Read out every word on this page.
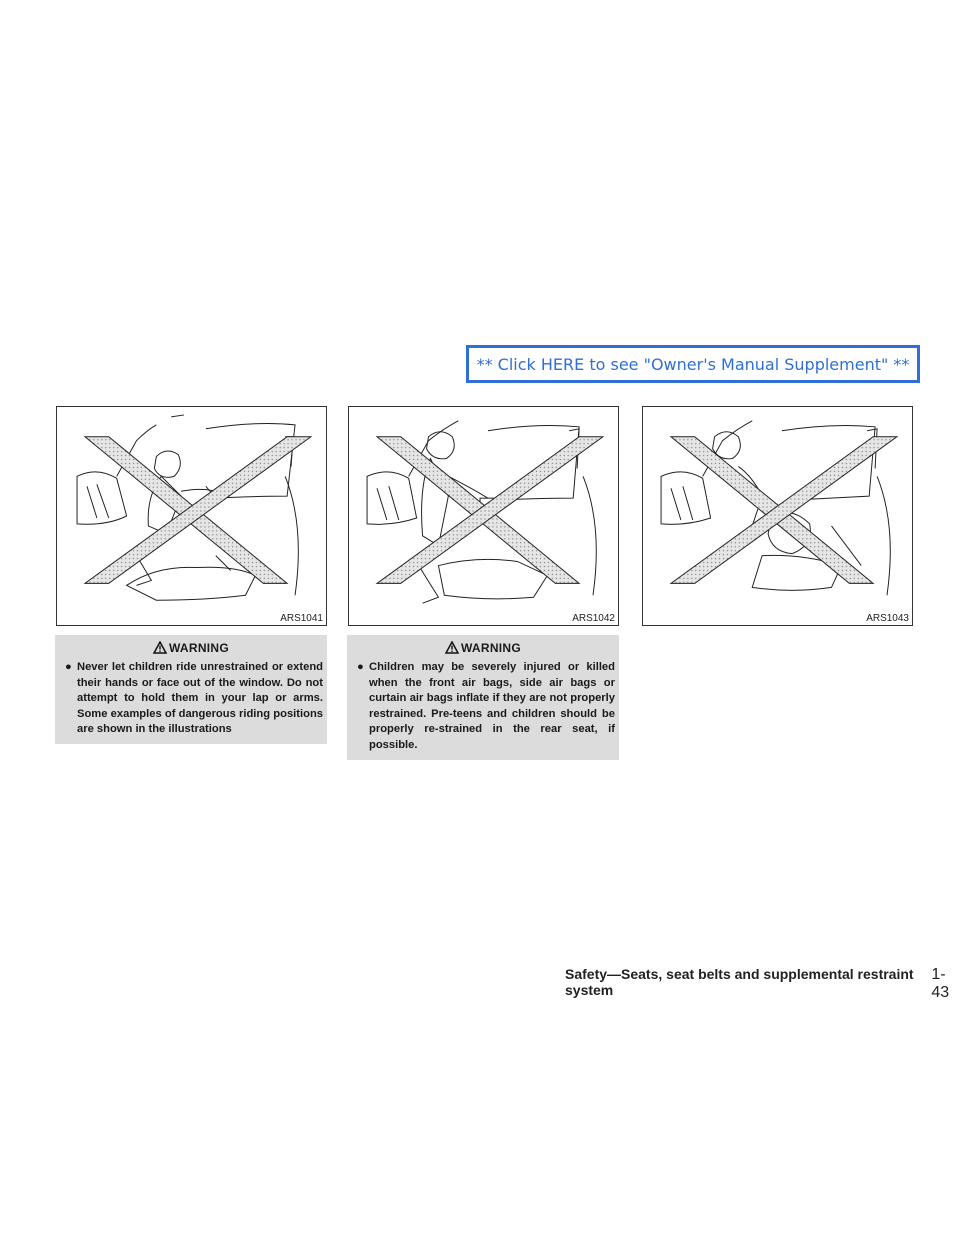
** Click HERE to see "Owner's Manual Supplement" **
ARS1041	ARS1042	ARS1043
WARNING
● Never let children ride unrestrained or extend their hands or face out of the window. Do not attempt to hold them in your lap or arms. Some examples of dangerous riding positions are shown in the illustrations
WARNING
● Children may be severely injured or killed when the front air bags, side air bags or curtain air bags inflate if they are not properly restrained. Pre-teens and children should be properly re-strained in the rear seat, if possible.
Safety—Seats, seat belts and supplemental restraint system
1-43
